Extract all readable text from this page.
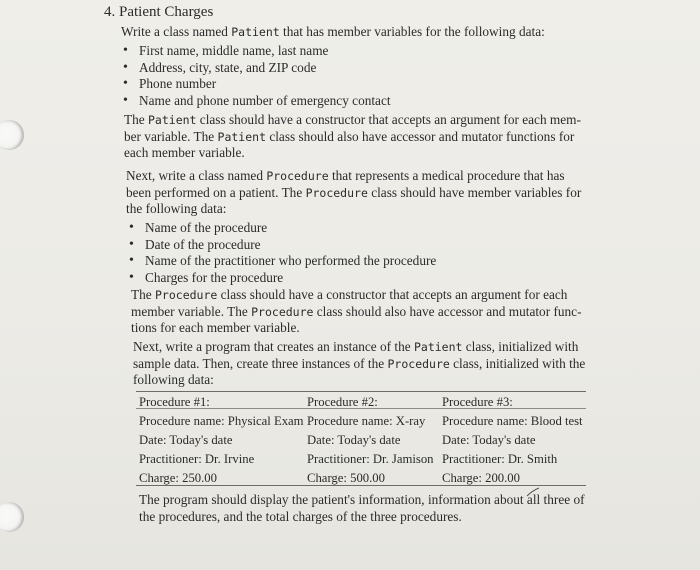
4. Patient Charges
Write a class named Patient that has member variables for the following data:
• First name, middle name, last name
• Address, city, state, and ZIP code
• Phone number
• Name and phone number of emergency contact
The Patient class should have a constructor that accepts an argument for each mem-
ber variable. The Patient class should also have accessor and mutator functions for
each member variable.
Next, write a class named Procedure that represents a medical procedure that has
been performed on a patient. The Procedure class should have member variables for
the following data:
• Name of the procedure
• Date of the procedure
• Name of the practitioner who performed the procedure
• Charges for the procedure
The Procedure class should have a constructor that accepts an argument for each
member variable. The Procedure class should also have accessor and mutator func-
tions for each member variable.
Next, write a program that creates an instance of the Patient class, initialized with
sample data. Then, create three instances of the Procedure class, initialized with the
following data:
Procedure #1:
Procedure name: Physical Exam
Date: Today's date
Practitioner: Dr. Irvine
Charge: 250.00
Procedure #2:
Procedure name: X-ray
Date: Today's date
Practitioner: Dr. Jamison
Charge: 500.00
Procedure #3:
Procedure name: Blood test
Date: Today's date
Practitioner: Dr. Smith
Charge: 200.00
The program should display the patient's information, information about all three of
the procedures, and the total charges of the three procedures.
